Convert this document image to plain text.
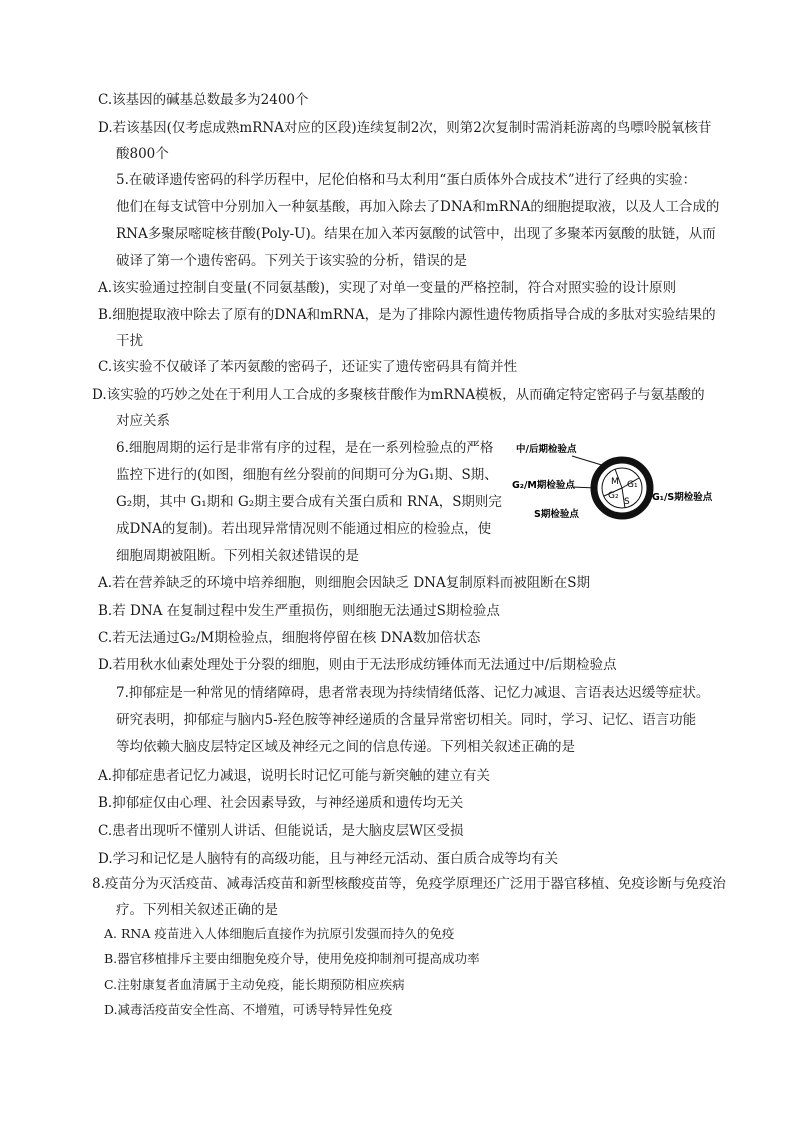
C.该基因的碱基总数最多为2400个
D.若该基因(仅考虑成熟mRNA对应的区段)连续复制2次，则第2次复制时需消耗游离的鸟嘌呤脱氧核苷
酸800个
5.在破译遗传密码的科学历程中，尼伦伯格和马太利用“蛋白质体外合成技术”进行了经典的实验：
他们在每支试管中分别加入一种氨基酸，再加入除去了DNA和mRNA的细胞提取液，以及人工合成的
RNA多聚尿嘧啶核苷酸(Poly-U)。结果在加入苯丙氨酸的试管中，出现了多聚苯丙氨酸的肽链，从而
破译了第一个遗传密码。下列关于该实验的分析，错误的是
A.该实验通过控制自变量(不同氨基酸)，实现了对单一变量的严格控制，符合对照实验的设计原则
B.细胞提取液中除去了原有的DNA和mRNA，是为了排除内源性遗传物质指导合成的多肽对实验结果的
干扰
C.该实验不仅破译了苯丙氨酸的密码子，还证实了遗传密码具有简并性
D.该实验的巧妙之处在于利用人工合成的多聚核苷酸作为mRNA模板，从而确定特定密码子与氨基酸的
对应关系
6.细胞周期的运行是非常有序的过程，是在一系列检验点的严格
监控下进行的(如图，细胞有丝分裂前的间期可分为G₁期、S期、
G₂期，其中 G₁期和 G₂期主要合成有关蛋白质和 RNA，S期则完
成DNA的复制)。若出现异常情况则不能通过相应的检验点，使
细胞周期被阻断。下列相关叙述错误的是
M G₁
G₂
S
中/后期检验点
G₂/M期检验点
G₁/S期检验点
S期检验点
A.若在营养缺乏的环境中培养细胞，则细胞会因缺乏 DNA复制原料而被阻断在S期
B.若 DNA 在复制过程中发生严重损伤，则细胞无法通过S期检验点
C.若无法通过G₂/M期检验点，细胞将停留在核 DNA数加倍状态
D.若用秋水仙素处理处于分裂的细胞，则由于无法形成纺锤体而无法通过中/后期检验点
7.抑郁症是一种常见的情绪障碍，患者常表现为持续情绪低落、记忆力减退、言语表达迟缓等症状。
研究表明，抑郁症与脑内5-羟色胺等神经递质的含量异常密切相关。同时，学习、记忆、语言功能
等均依赖大脑皮层特定区域及神经元之间的信息传递。下列相关叙述正确的是
A.抑郁症患者记忆力减退，说明长时记忆可能与新突触的建立有关
B.抑郁症仅由心理、社会因素导致，与神经递质和遗传均无关
C.患者出现听不懂别人讲话、但能说话，是大脑皮层W区受损
D.学习和记忆是人脑特有的高级功能，且与神经元活动、蛋白质合成等均有关
8.疫苗分为灭活疫苗、减毒活疫苗和新型核酸疫苗等，免疫学原理还广泛用于器官移植、免疫诊断与免疫治
疗。下列相关叙述正确的是
A. RNA 疫苗进入人体细胞后直接作为抗原引发强而持久的免疫
B.器官移植排斥主要由细胞免疫介导，使用免疫抑制剂可提高成功率
C.注射康复者血清属于主动免疫，能长期预防相应疾病
D.减毒活疫苗安全性高、不增殖，可诱导特异性免疫
